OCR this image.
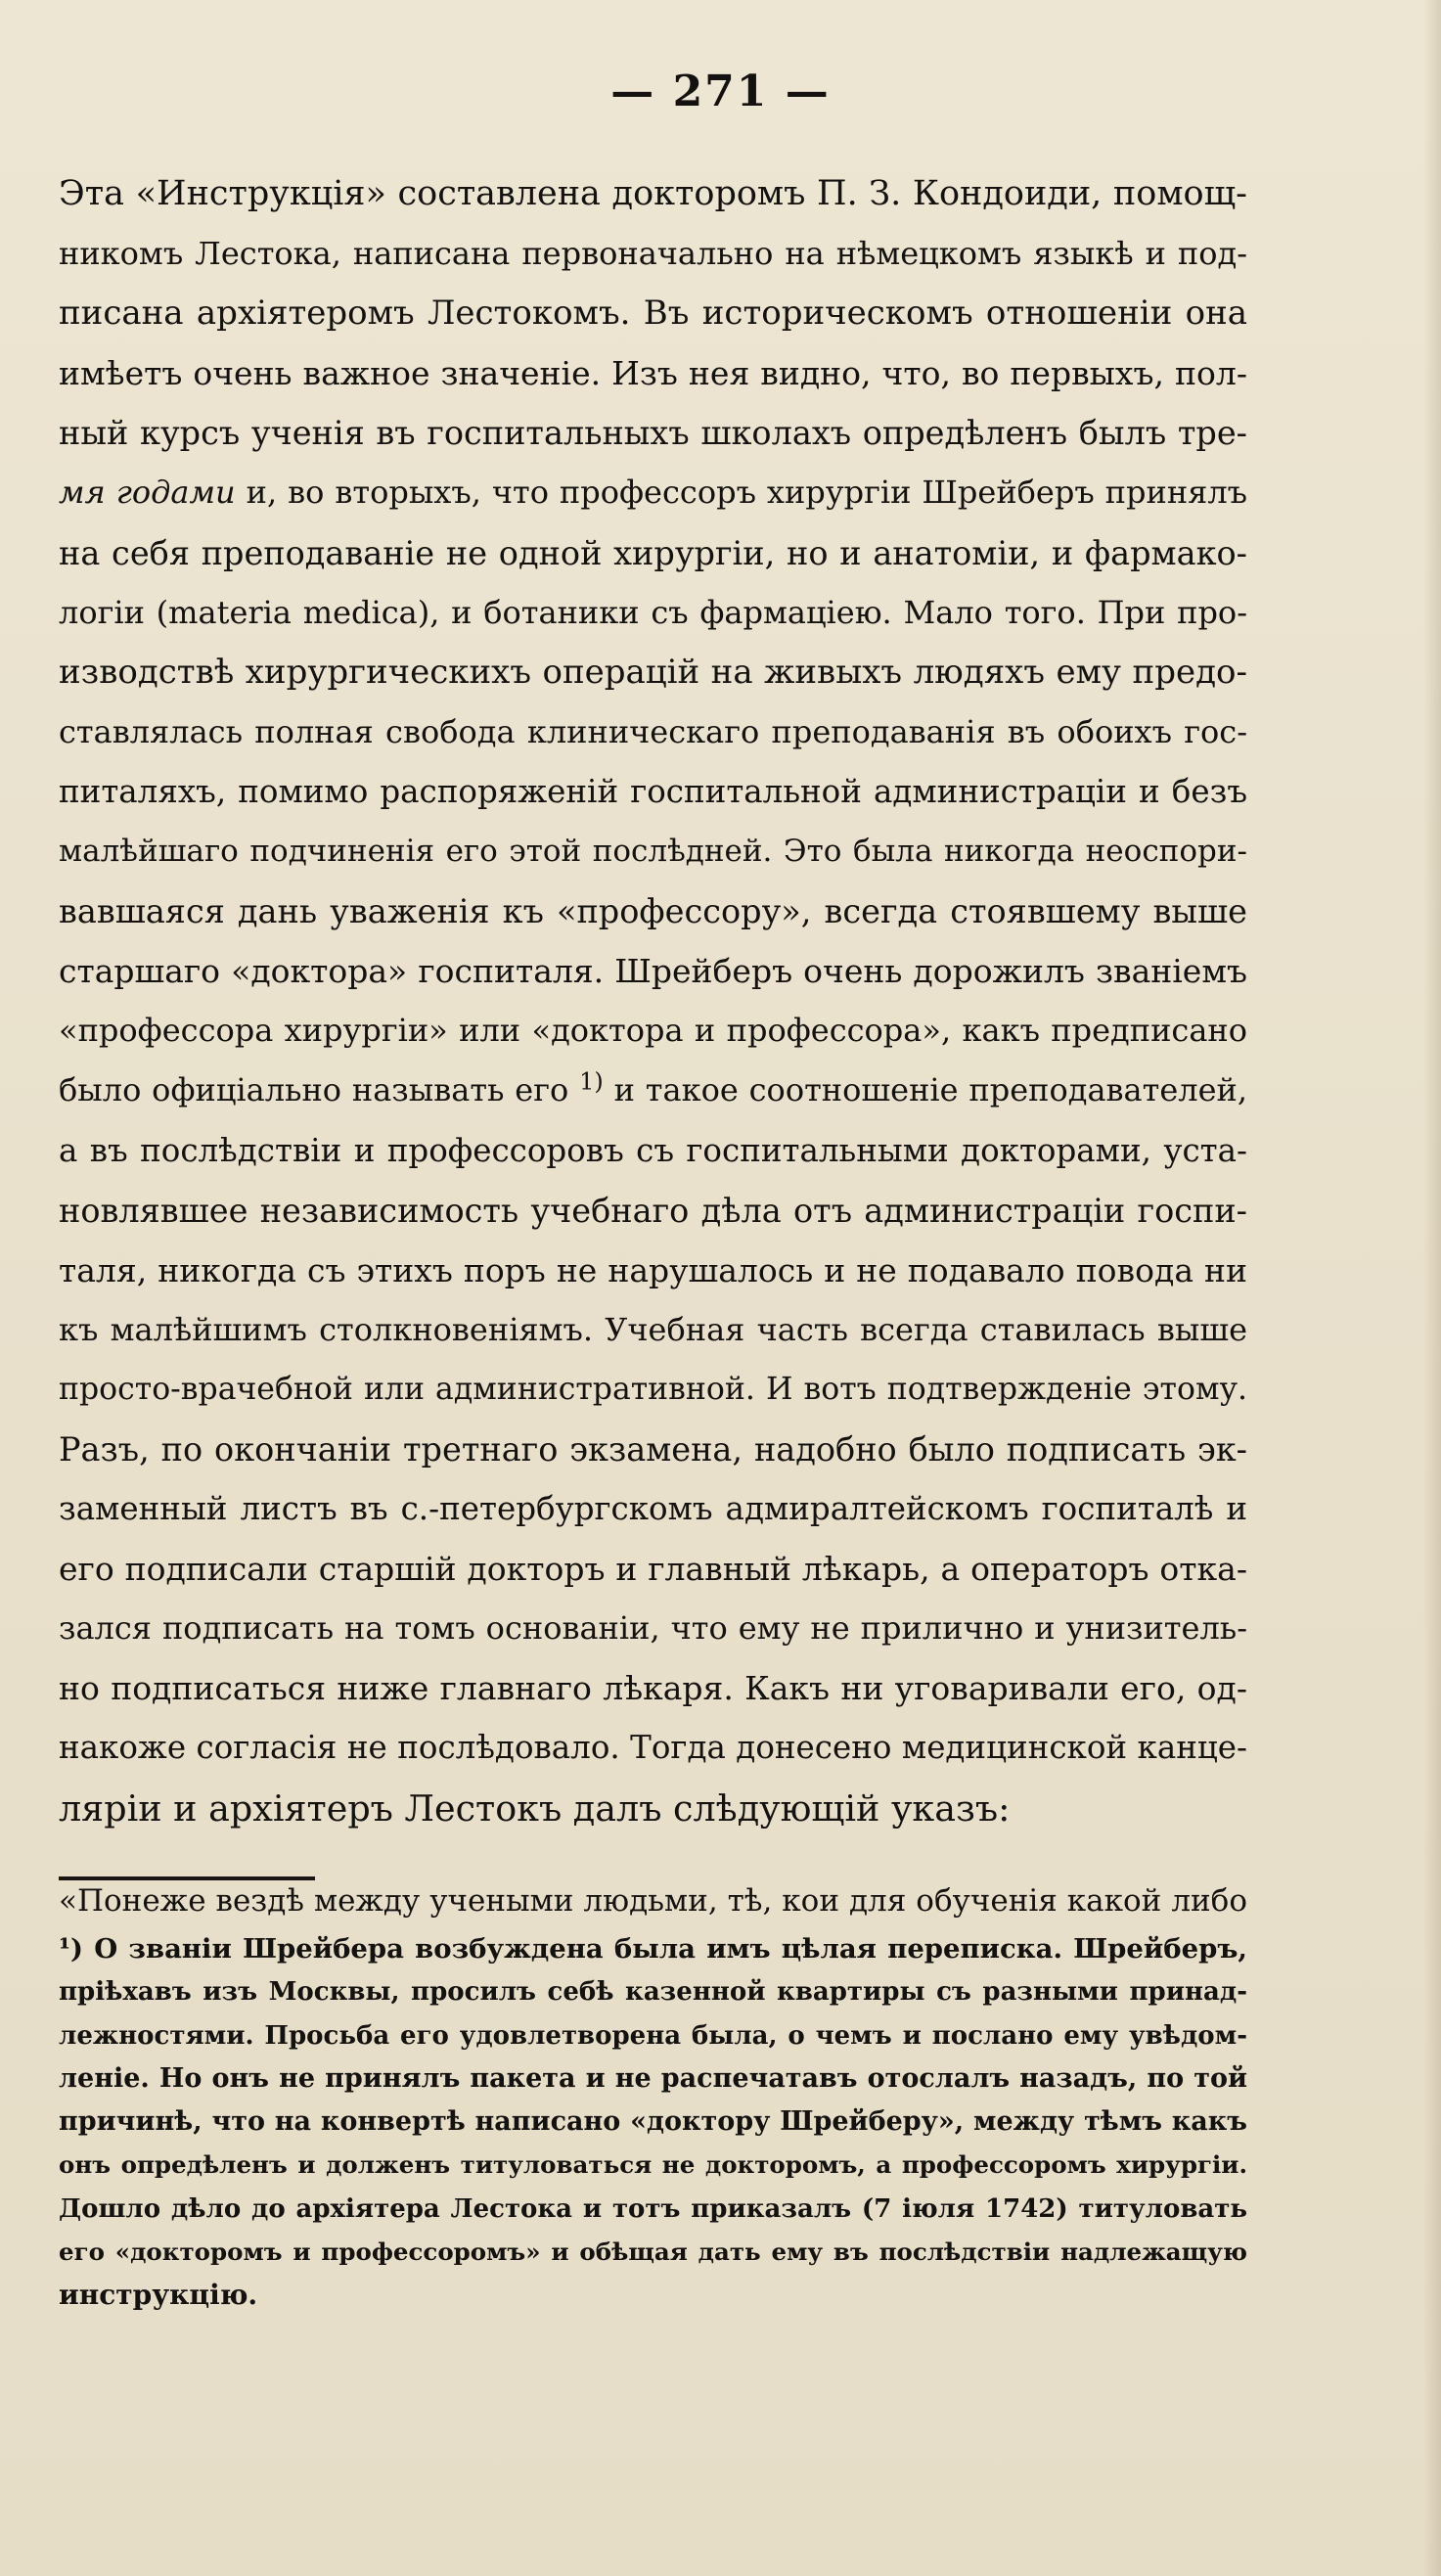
— 271 —
Эта «Инструкція» составлена докторомъ П. З. Кондоиди, помощ-
никомъ Лестока, написана первоначально на нѣмецкомъ языкѣ и под-
писана архіятеромъ Лестокомъ. Въ историческомъ отношеніи она
имѣетъ очень важное значеніе. Изъ нея видно, что, во первыхъ, пол-
ный курсъ ученія въ госпитальныхъ школахъ опредѣленъ былъ тре-
мя годами и, во вторыхъ, что профессоръ хирургіи Шрейберъ принялъ
на себя преподаваніе не одной хирургіи, но и анатоміи, и фармако-
логіи (materia medica), и ботаники съ фармаціею. Мало того. При про-
изводствѣ хирургическихъ операцій на живыхъ людяхъ ему предо-
ставлялась полная свобода клиническаго преподаванія въ обоихъ гос-
питаляхъ, помимо распоряженій госпитальной администраціи и безъ
малѣйшаго подчиненія его этой послѣдней. Это была никогда неоспори-
вавшаяся дань уваженія къ «профессору», всегда стоявшему выше
старшаго «доктора» госпиталя. Шрейберъ очень дорожилъ званіемъ
«профессора хирургіи» или «доктора и профессора», какъ предписано
было офиціально называть его $^{1)}$ и такое соотношеніе преподавателей,
а въ послѣдствіи и профессоровъ съ госпитальными докторами, уста-
новлявшее независимость учебнаго дѣла отъ администраціи госпи-
таля, никогда съ этихъ поръ не нарушалось и не подавало повода ни
къ малѣйшимъ столкновеніямъ. Учебная часть всегда ставилась выше
просто-врачебной или административной. И вотъ подтвержденіе этому.
Разъ, по окончаніи третнаго экзамена, надобно было подписать эк-
заменный листъ въ с.-петербургскомъ адмиралтейскомъ госпиталѣ и
его подписали старшій докторъ и главный лѣкарь, а операторъ отка-
зался подписать на томъ основаніи, что ему не прилично и унизитель-
но подписаться ниже главнаго лѣкаря. Какъ ни уговаривали его, од-
накоже согласія не послѣдовало. Тогда донесено медицинской канце-
ляріи и архіятеръ Лестокъ далъ слѣдующій указъ:
«Понеже вездѣ между учеными людьми, тѣ, кои для обученія какой либо
¹) О званіи Шрейбера возбуждена была имъ цѣлая переписка. Шрейберъ,
пріѣхавъ изъ Москвы, просилъ себѣ казенной квартиры съ разными принад-
лежностями. Просьба его удовлетворена была, о чемъ и послано ему увѣдом-
леніе. Но онъ не принялъ пакета и не распечатавъ отослалъ назадъ, по той
причинѣ, что на конвертѣ написано «доктору Шрейберу», между тѣмъ какъ
онъ опредѣленъ и долженъ титуловаться не докторомъ, а профессоромъ хирургіи.
Дошло дѣло до архіятера Лестока и тотъ приказалъ (7 іюля 1742) титуловать
его «докторомъ и профессоромъ» и обѣщая дать ему въ послѣдствіи надлежащую
инструкцію.
